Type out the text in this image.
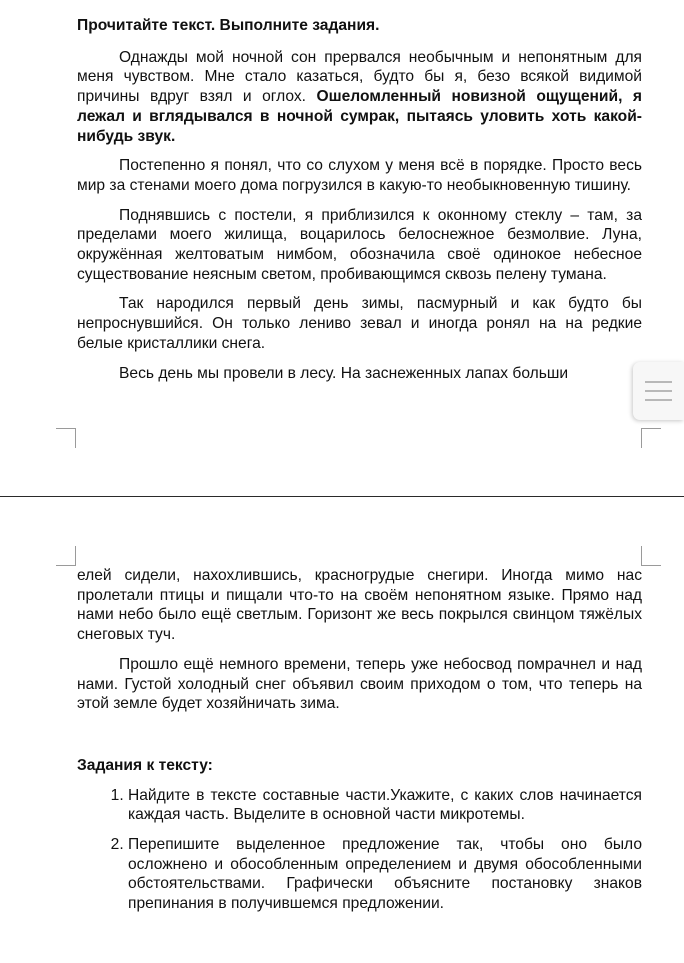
Прочитайте текст. Выполните задания.

Однажды мой ночной сон прервался необычным и непонятным для меня чувством. Мне стало казаться, будто бы я, безо всякой видимой причины вдруг взял и оглох. Ошеломленный новизной ощущений, я лежал и вглядывался в ночной сумрак, пытаясь уловить хоть какой-нибудь звук.

Постепенно я понял, что со слухом у меня всё в порядке. Просто весь мир за стенами моего дома погрузился в какую-то необыкновенную тишину.

Поднявшись с постели, я приблизился к оконному стеклу – там, за пределами моего жилища, воцарилось белоснежное безмолвие. Луна, окружённая желтоватым нимбом, обозначила своё одинокое небесное существование неясным светом, пробивающимся сквозь пелену тумана.

Так народился первый день зимы, пасмурный и как будто бы непроснувшийся. Он только лениво зевал и иногда ронял на на редкие белые кристаллики снега.

Весь день мы провели в лесу. На заснеженных лапах больши

елей сидели, нахохлившись, красногрудые снегири. Иногда мимо нас пролетали птицы и пищали что-то на своём непонятном языке. Прямо над нами небо было ещё светлым. Горизонт же весь покрылся свинцом тяжёлых снеговых туч.

Прошло ещё немного времени, теперь уже небосвод помрачнел и над нами. Густой холодный снег объявил своим приходом о том, что теперь на этой земле будет хозяйничать зима.

Задания к тексту:
1. Найдите в тексте составные части.Укажите, с каких слов начинается каждая часть. Выделите в основной части микротемы.
2. Перепишите выделенное предложение так, чтобы оно было осложнено и обособленным определением и двумя обособленными обстоятельствами. Графически объясните постановку знаков препинания в получившемся предложении.
